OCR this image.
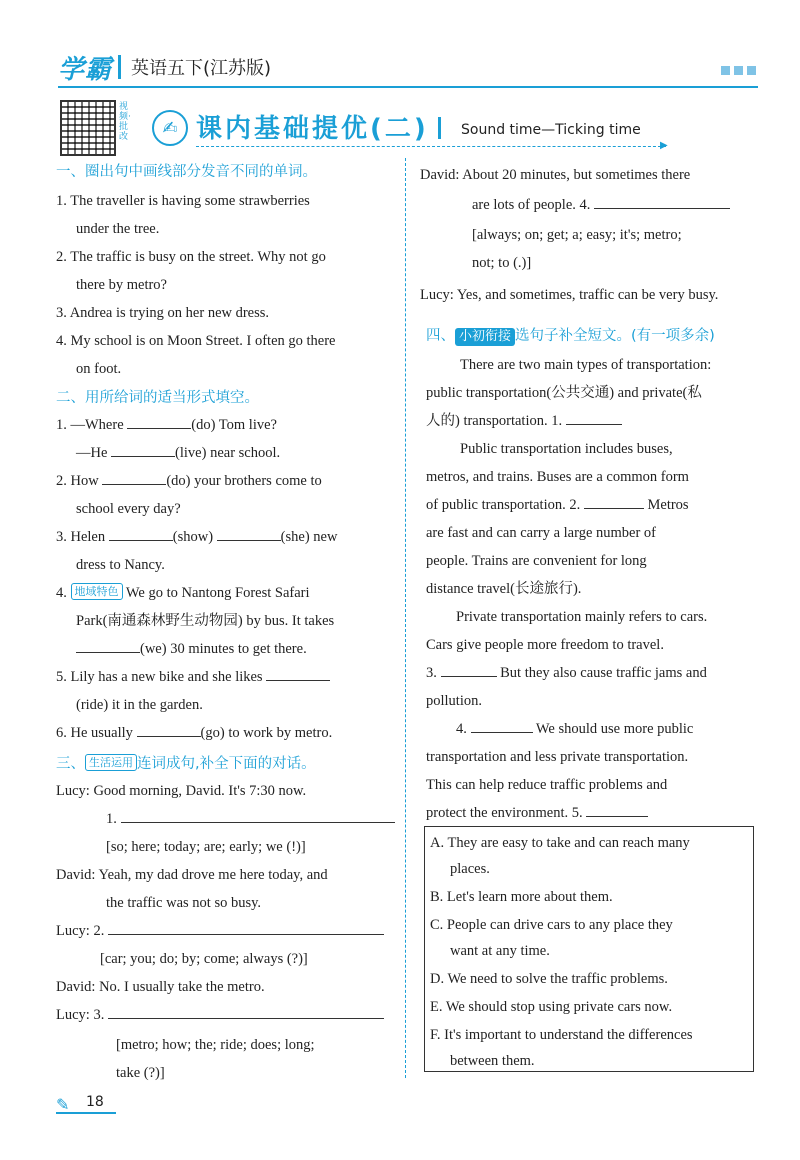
学霸 英语五下(江苏版)
视频·批改	✍ 课内基础提优(二) Sound time—Ticking time
▶
一、圈出句中画线部分发音不同的单词。
1. The traveller is having some strawberries
under the tree.
2. The traffic is busy on the street. Why not go
there by metro?
3. Andrea is trying on her new dress.
4. My school is on Moon Street. I often go there
on foot.
二、用所给词的适当形式填空。
1. —Where	(do) Tom live?
—He	(live) near school.
2. How	(do) your brothers come to
school every day?
3. Helen	(show)	(she) new
dress to Nancy.
4. 地域特色 We go to Nantong Forest Safari
Park(南通森林野生动物园) by bus. It takes
(we) 30 minutes to get there.
5. Lily has a new bike and she likes
(ride) it in the garden.
6. He usually	(go) to work by metro.
三、 生活运用 连词成句,补全下面的对话。
Lucy: Good morning, David. It's 7:30 now.
1.
[so; here; today; are; early; we (!)]
David: Yeah, my dad drove me here today, and
the traffic was not so busy.
Lucy: 2.
[car; you; do; by; come; always (?)]
David: No. I usually take the metro.
Lucy: 3.
[metro; how; the; ride; does; long;
take (?)]
David: About 20 minutes, but sometimes there
are lots of people. 4.
[always; on; get; a; easy; it's; metro;
not; to (.)]
Lucy: Yes, and sometimes, traffic can be very busy.
四、 小初衔接 选句子补全短文。(有一项多余)
There are two main types of transportation:
public transportation(公共交通) and private(私
人的) transportation. 1.
Public transportation includes buses,
metros, and trains. Buses are a common form
of public transportation. 2.	Metros
are fast and can carry a large number of
people. Trains are convenient for long
distance travel(长途旅行).
Private transportation mainly refers to cars.
Cars give people more freedom to travel.
3.	But they also cause traffic jams and
pollution.
4.	We should use more public
transportation and less private transportation.
This can help reduce traffic problems and
protect the environment. 5.
A. They are easy to take and can reach many
places.
B. Let's learn more about them.
C. People can drive cars to any place they
want at any time.
D. We need to solve the traffic problems.
E. We should stop using private cars now.
F. It's important to understand the differences
between them.
✎ 18
